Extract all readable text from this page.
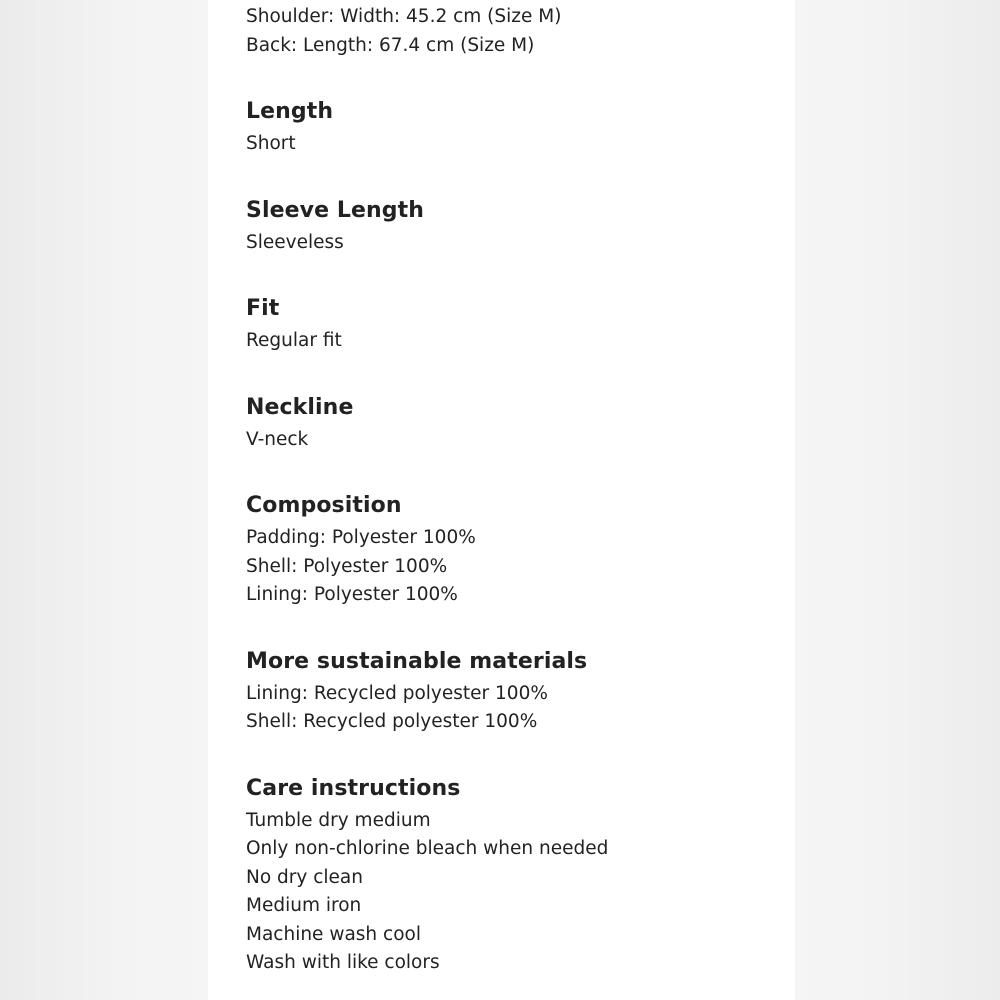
Shoulder: Width: 45.2 cm (Size M)
Back: Length: 67.4 cm (Size M)
Length
Short
Sleeve Length
Sleeveless
Fit
Regular fit
Neckline
V-neck
Composition
Padding: Polyester 100%
Shell: Polyester 100%
Lining: Polyester 100%
More sustainable materials
Lining: Recycled polyester 100%
Shell: Recycled polyester 100%
Care instructions
Tumble dry medium
Only non-chlorine bleach when needed
No dry clean
Medium iron
Machine wash cool
Wash with like colors
